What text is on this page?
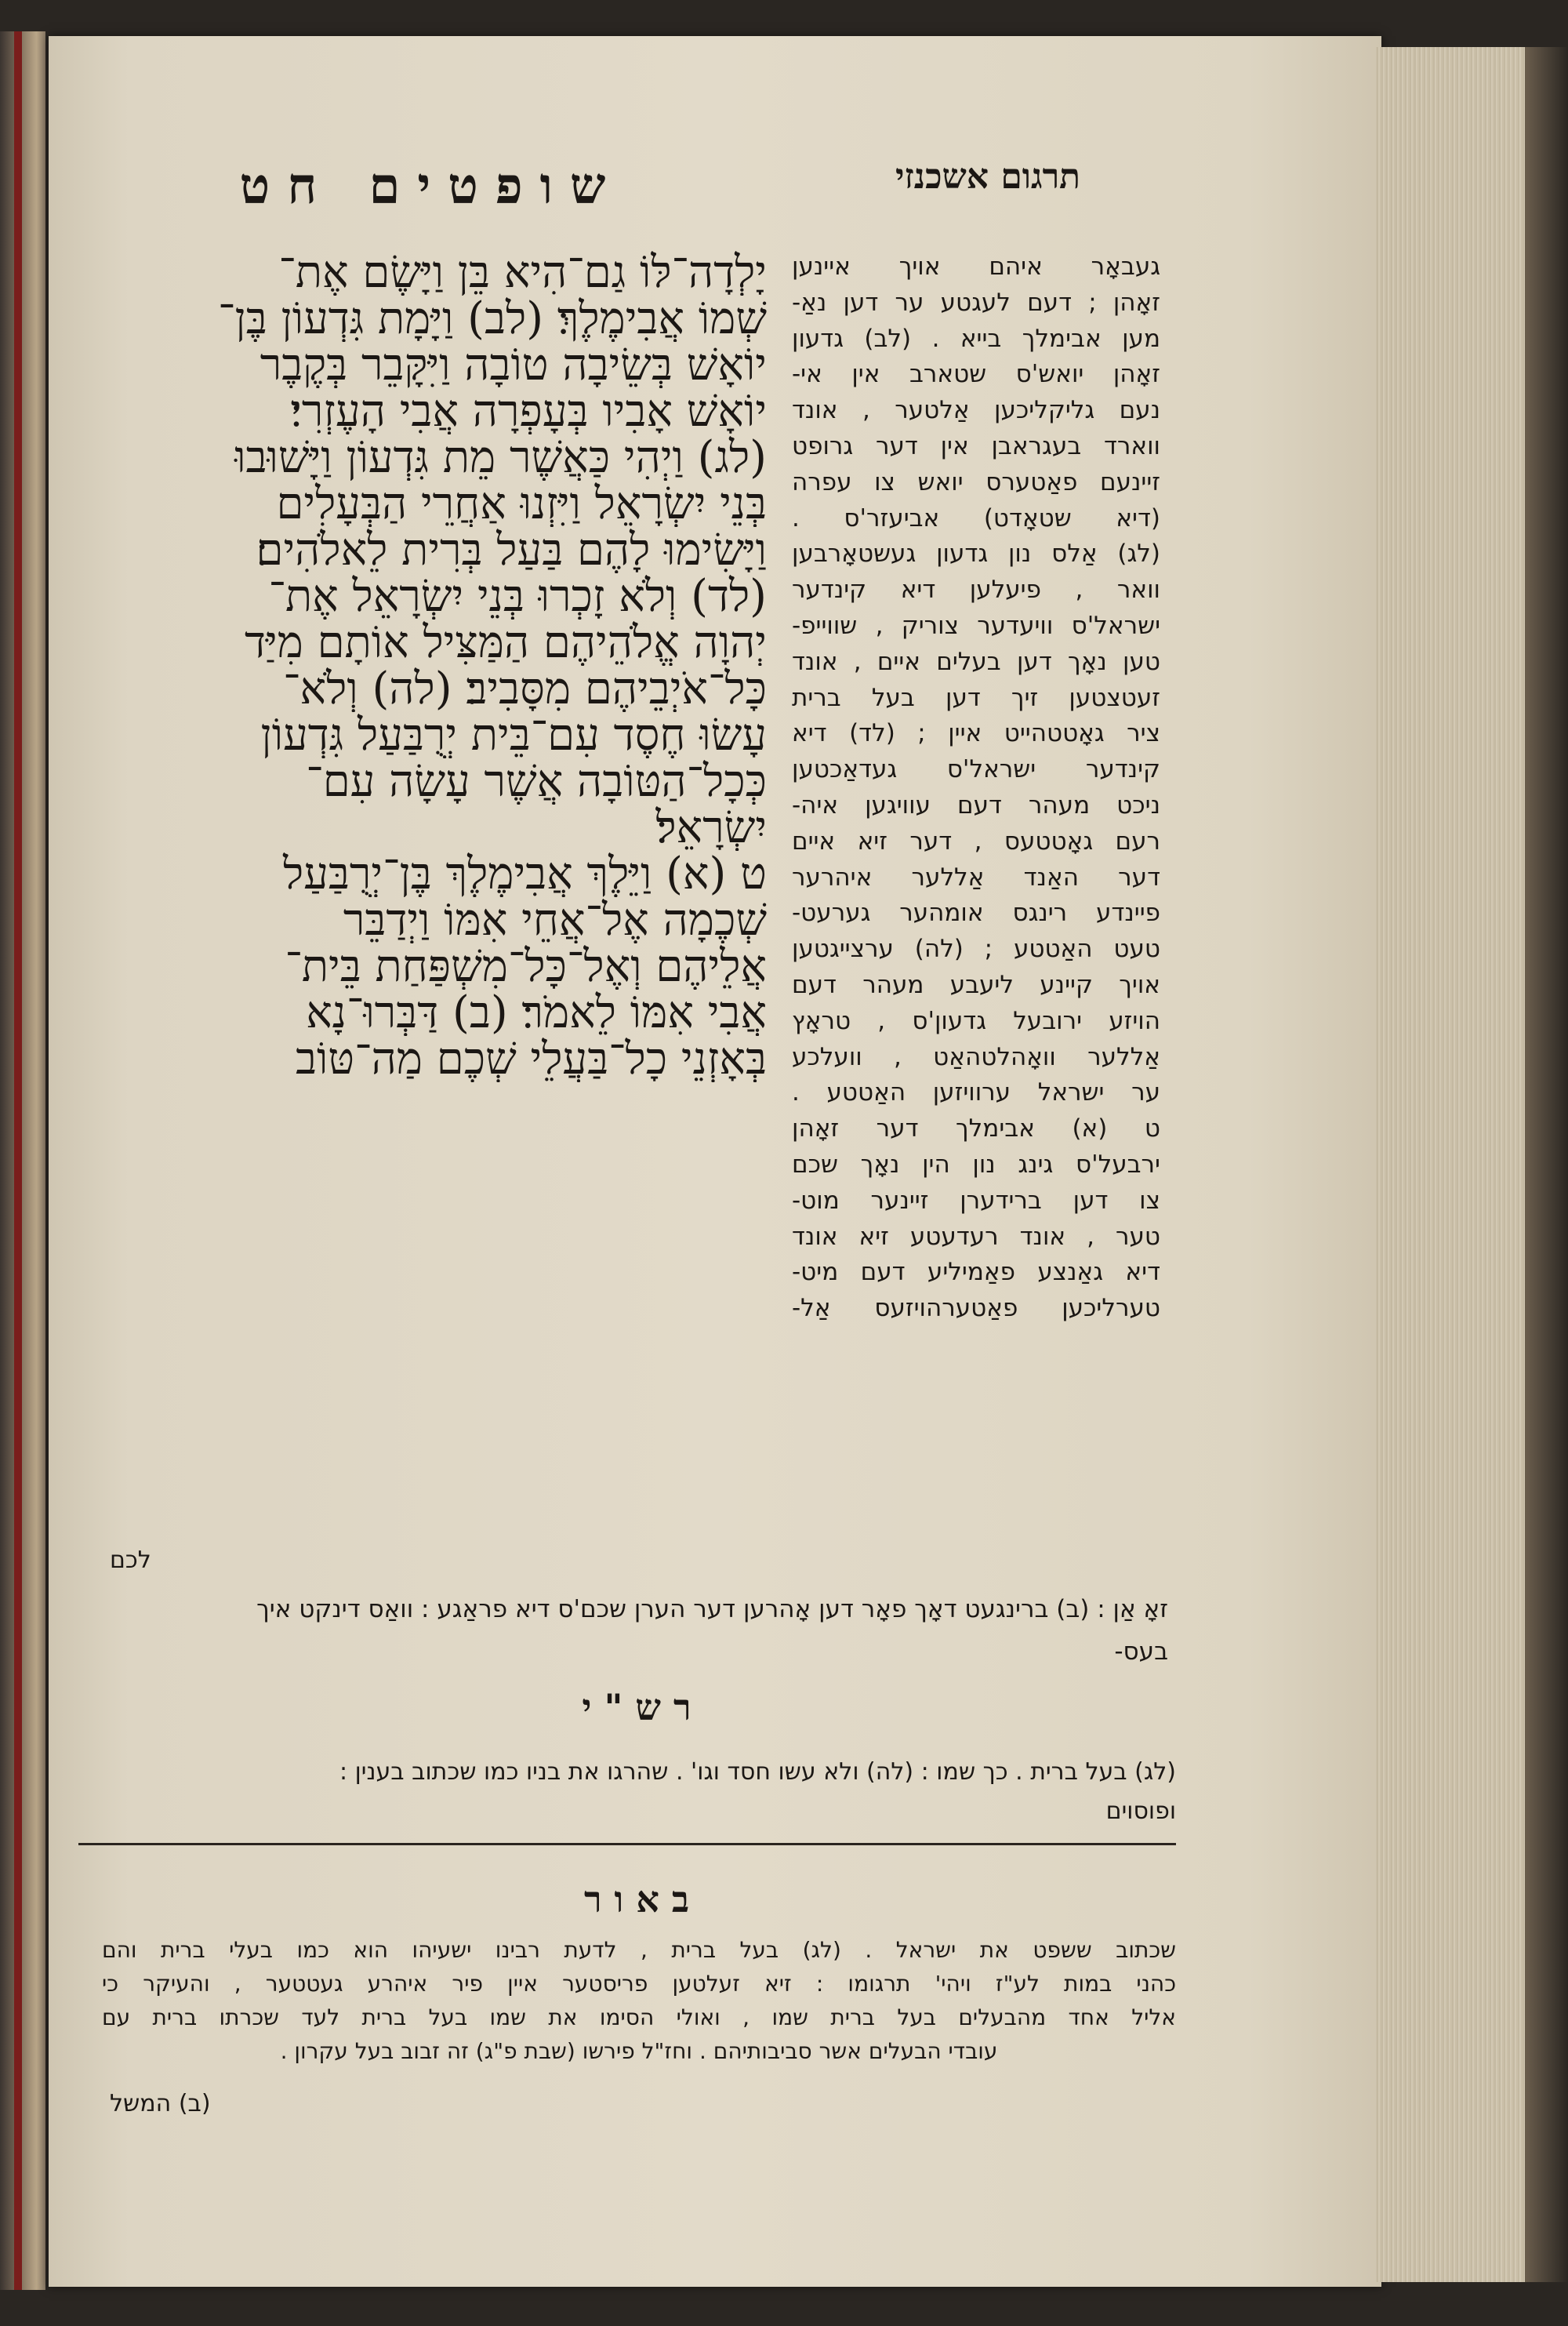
שופטים חט	תרגום אשכנזי
יָלְדָה־לּוֹ גַם־הִיא בֵּן וַיָּשֶׂם אֶת־
שְׁמוֹ אֲבִימֶלֶךְ׃ (לב) וַיָּמָת גִּדְעוֹן בֶּן־
יוֹאָשׁ בְּשֵׂיבָה טוֹבָה וַיִּקָּבֵר בְּקֶבֶר
יוֹאָשׁ אָבִיו בְּעָפְרָה אֲבִי הָעֶזְרִי׃
(לג) וַיְהִי כַּאֲשֶׁר מֵת גִּדְעוֹן וַיָּשׁוּבוּ
בְּנֵי יִשְׂרָאֵל וַיִּזְנוּ אַחֲרֵי הַבְּעָלִים
וַיָּשִׂימוּ לָהֶם בַּעַל בְּרִית לֵאלֹהִים׃
(לד) וְלֹא זָכְרוּ בְּנֵי יִשְׂרָאֵל אֶת־
יְהוָה אֱלֹהֵיהֶם הַמַּצִּיל אוֹתָם מִיַּד
כָּל־אֹיְבֵיהֶם מִסָּבִיב׃ (לה) וְלֹא־
עָשׂוּ חֶסֶד עִם־בֵּית יְרֻבַּעַל גִּדְעוֹן
כְּכָל־הַטּוֹבָה אֲשֶׁר עָשָׂה עִם־
יִשְׂרָאֵל׃
ט (א) וַיֵּלֶךְ אֲבִימֶלֶךְ בֶּן־יְרֻבַּעַל
שְׁכֶמָה אֶל־אֲחֵי אִמּוֹ וַיְדַבֵּר
אֲלֵיהֶם וְאֶל־כָּל־מִשְׁפַּחַת בֵּית־
אֲבִי אִמּוֹ לֵאמֹר׃ (ב) דַּבְּרוּ־נָא
בְּאָזְנֵי כָל־בַּעֲלֵי שְׁכֶם מַה־טּוֹב
געבאָר איהם אויך איינען
זאָהן ; דעם לעגטע ער דען נאַ-
מען אבימלך בייא . (לב) גדעון
זאָהן יואש'ס שטארב אין אי-
נעם גליקליכען אַלטער , אונד
ווארד בעגראבן אין דער גרופט
זיינעם פאַטערס יואש צו עפרה
(דיא שטאָדט) אביעזר'ס .
(לג) אַלס נון גדעון געשטאָרבען
וואר , פיעלען דיא קינדער
ישראל'ס וויעדער צוריק , שווייפ-
טען נאָך דען בעלים איים , אונד
זעטצטען זיך דען בעל ברית
ציר גאָטטהייט איין ; (לד) דיא
קינדער ישראל'ס געדאַכטען
ניכט מעהר דעם עוויגען איה-
רעם גאָטטעס , דער זיא איים
דער האַנד אַללער איהרער
פיינדע רינגס אומהער גערעט-
טעט האַטטע ; (לה) ערצייגטען
אויך קיינע ליעבע מעהר דעם
הויזע ירובעל גדעון'ס , טראָץ
אַללער וואָהלטהאַט , וועלכע
ער ישראל ערוויזען האַטטע .
ט (א) אבימלך דער זאָהן
ירבעל'ס גינג נון הין נאָך שכם
צו דען ברידערן זיינער מוט-
טער , אונד רעדעטע זיא אונד
דיא גאַנצע פאַמיליע דעם מיט-
טערליכען פאַטערהויזעס אַל-
לכם
זאָ אַן : (ב) ברינגעט דאָך פאָר דען אָהרען דער הערן שכם'ס דיא פראַגע : וואַס דינקט איך
בעס-
רש"י
(לג) בעל ברית . כך שמו : (לה) ולא עשו חסד וגו' . שהרגו את בניו כמו שכתוב בענין :
ופוסוים
באור
שכתוב ששפט את ישראל . (לג) בעל ברית , לדעת רבינו ישעיהו הוא כמו בעלי ברית והם
כהני במות לע"ז ויהי' תרגומו : זיא זעלטען פריסטער איין פיר איהרע געטטער , והעיקר כי
אליל אחד מהבעלים בעל ברית שמו , ואולי הסימו את שמו בעל ברית לעד שכרתו ברית עם
עובדי הבעלים אשר סביבותיהם . וחז"ל פירשו (שבת פ"ג) זה זבוב בעל עקרון .
(ב) המשל
